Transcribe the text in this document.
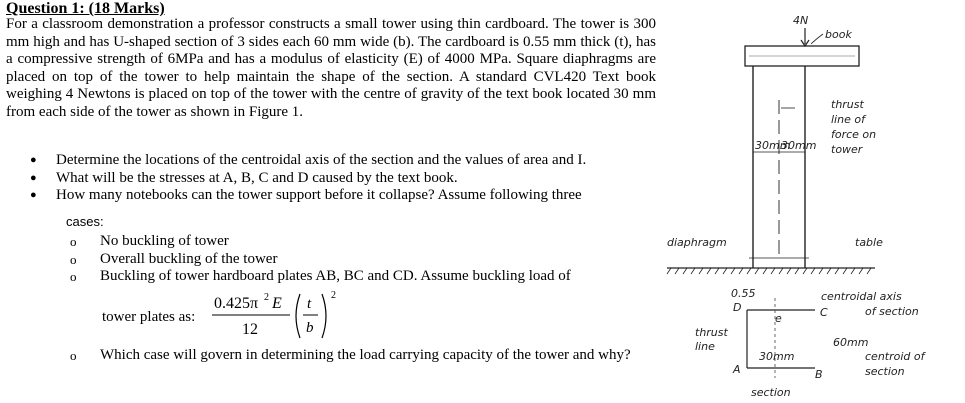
Question 1: (18 Marks)
For a classroom demonstration a professor constructs a small tower using thin cardboard. The tower is 300 mm high and has U-shaped section of 3 sides each 60 mm wide (b). The cardboard is 0.55 mm thick (t), has a compressive strength of 6MPa and has a modulus of elasticity (E) of 4000 MPa. Square diaphragms are placed on top of the tower to help maintain the shape of the section. A standard CVL420 Text book weighing 4 Newtons is placed on top of the tower with the centre of gravity of the text book located 30 mm from each side of the tower as shown in Figure 1.
● Determine the locations of the centroidal axis of the section and the values of area and I.
● What will be the stresses at A, B, C and D caused by the text book.
● How many notebooks can the tower support before it collapse? Assume following three
cases:
o No buckling of tower
o Overall buckling of the tower
o Buckling of tower hardboard plates AB, BC and CD. Assume buckling load of
tower plates as:
0.425π 2 E
12
t
b
2
o Which case will govern in determining the load carrying capacity of the tower and why?
4N
book
thrust
line of
force on
tower
30mm
30mm
diaphragm	table
0.55
D	C
e
thrust
line
30mm
60mm
A	B
centroidal axis
of section
centroid of
section
section
